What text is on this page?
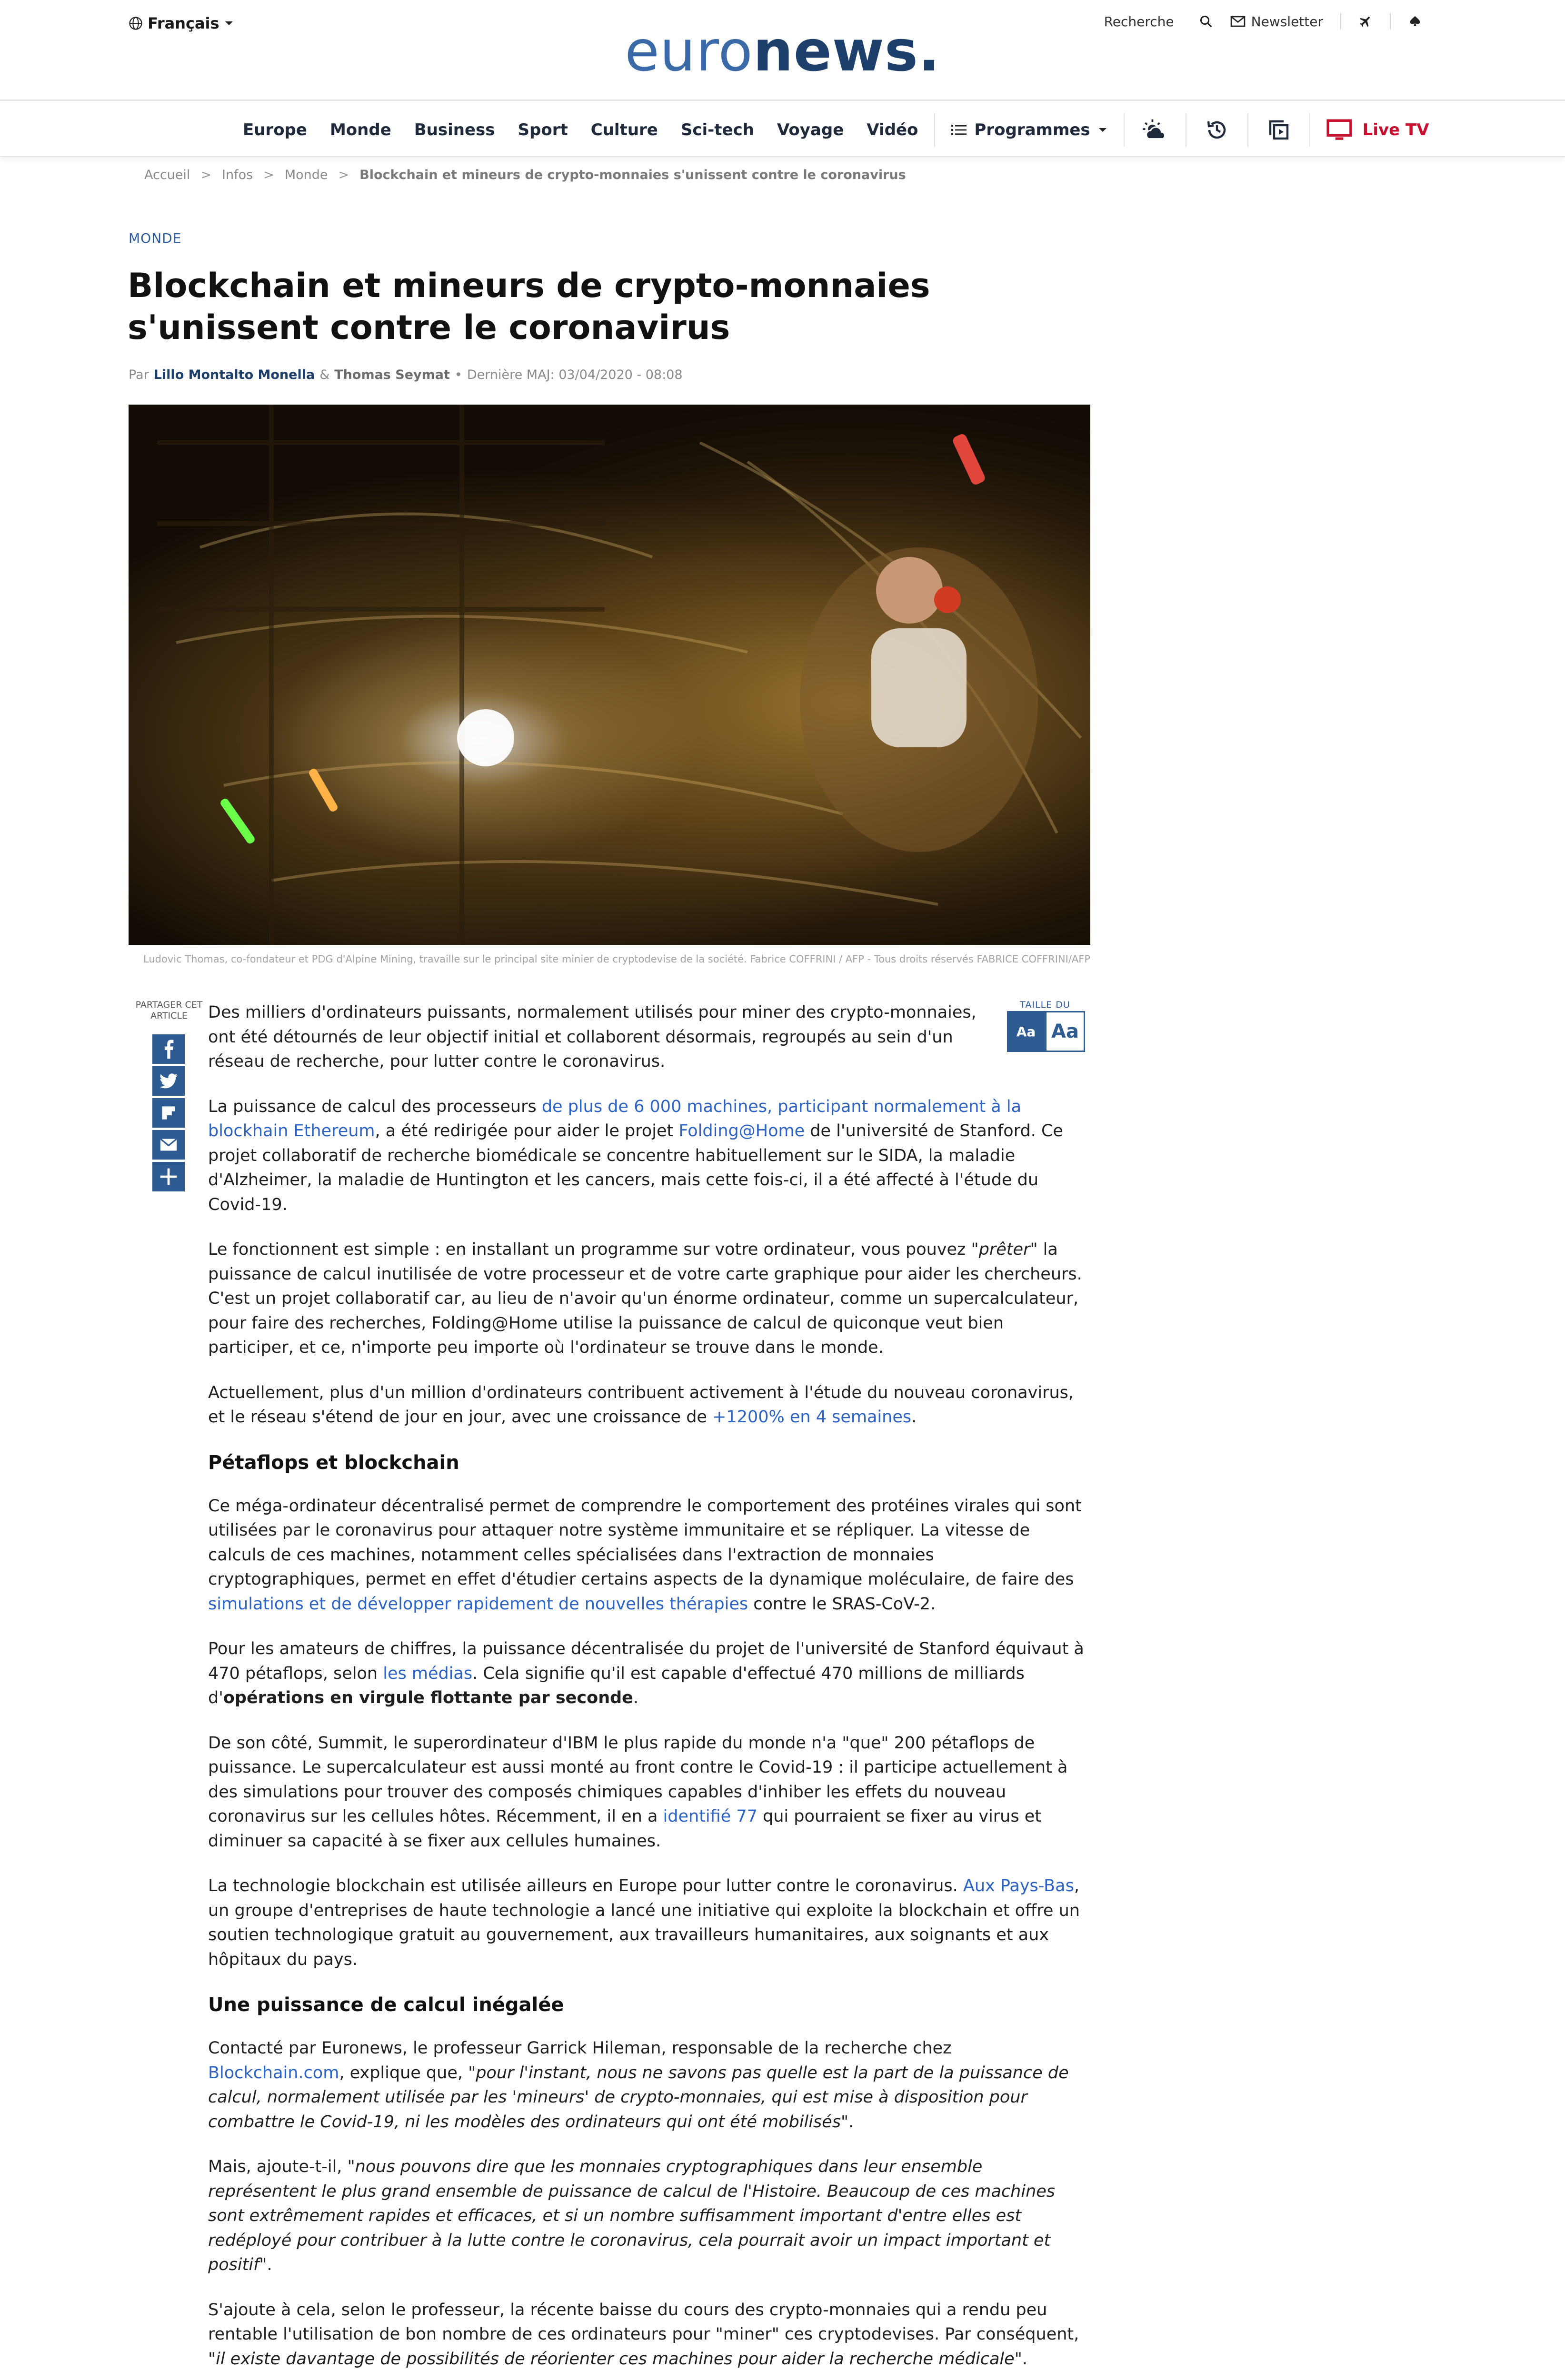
Français	euronews.	Recherche	Newsletter
Europe Monde Business Sport Culture Sci-tech Voyage Vidéo	Programmes	Live TV
Accueil > Infos > Monde > Blockchain et mineurs de crypto-monnaies s'unissent contre le coronavirus
MONDE
Blockchain et mineurs de crypto-monnaies s'unissent contre le coronavirus
Par Lillo Montalto Monella & Thomas Seymat • Dernière MAJ: 03/04/2020 - 08:08
Ludovic Thomas, co-fondateur et PDG d'Alpine Mining, travaille sur le principal site minier de cryptodevise de la société. Fabrice COFFRINI / AFP - Tous droits réservés FABRICE COFFRINI/AFP
PARTAGER CET ARTICLE
TAILLE DU
Aa Aa

Des milliers d'ordinateurs puissants, normalement utilisés pour miner des crypto-monnaies, ont été détournés de leur objectif initial et collaborent désormais, regroupés au sein d'un réseau de recherche, pour lutter contre le coronavirus.

La puissance de calcul des processeurs de plus de 6 000 machines, participant normalement à la blockhain Ethereum, a été redirigée pour aider le projet Folding@Home de l'université de Stanford. Ce projet collaboratif de recherche biomédicale se concentre habituellement sur le SIDA, la maladie d'Alzheimer, la maladie de Huntington et les cancers, mais cette fois-ci, il a été affecté à l'étude du Covid-19.

Le fonctionnent est simple : en installant un programme sur votre ordinateur, vous pouvez "prêter" la puissance de calcul inutilisée de votre processeur et de votre carte graphique pour aider les chercheurs. C'est un projet collaboratif car, au lieu de n'avoir qu'un énorme ordinateur, comme un supercalculateur, pour faire des recherches, Folding@Home utilise la puissance de calcul de quiconque veut bien participer, et ce, n'importe peu importe où l'ordinateur se trouve dans le monde.

Actuellement, plus d'un million d'ordinateurs contribuent activement à l'étude du nouveau coronavirus, et le réseau s'étend de jour en jour, avec une croissance de +1200% en 4 semaines.

Pétaflops et blockchain

Ce méga-ordinateur décentralisé permet de comprendre le comportement des protéines virales qui sont utilisées par le coronavirus pour attaquer notre système immunitaire et se répliquer. La vitesse de calculs de ces machines, notamment celles spécialisées dans l'extraction de monnaies cryptographiques, permet en effet d'étudier certains aspects de la dynamique moléculaire, de faire des simulations et de développer rapidement de nouvelles thérapies contre le SRAS-CoV-2.

Pour les amateurs de chiffres, la puissance décentralisée du projet de l'université de Stanford équivaut à 470 pétaflops, selon les médias. Cela signifie qu'il est capable d'effectué 470 millions de milliards d'opérations en virgule flottante par seconde.

De son côté, Summit, le superordinateur d'IBM le plus rapide du monde n'a "que" 200 pétaflops de puissance. Le supercalculateur est aussi monté au front contre le Covid-19 : il participe actuellement à des simulations pour trouver des composés chimiques capables d'inhiber les effets du nouveau coronavirus sur les cellules hôtes. Récemment, il en a identifié 77 qui pourraient se fixer au virus et diminuer sa capacité à se fixer aux cellules humaines.

La technologie blockchain est utilisée ailleurs en Europe pour lutter contre le coronavirus. Aux Pays-Bas, un groupe d'entreprises de haute technologie a lancé une initiative qui exploite la blockchain et offre un soutien technologique gratuit au gouvernement, aux travailleurs humanitaires, aux soignants et aux hôpitaux du pays.

Une puissance de calcul inégalée

Contacté par Euronews, le professeur Garrick Hileman, responsable de la recherche chez Blockchain.com, explique que, "pour l'instant, nous ne savons pas quelle est la part de la puissance de calcul, normalement utilisée par les 'mineurs' de crypto-monnaies, qui est mise à disposition pour combattre le Covid-19, ni les modèles des ordinateurs qui ont été mobilisés".

Mais, ajoute-t-il, "nous pouvons dire que les monnaies cryptographiques dans leur ensemble représentent le plus grand ensemble de puissance de calcul de l'Histoire. Beaucoup de ces machines sont extrêmement rapides et efficaces, et si un nombre suffisamment important d'entre elles est redéployé pour contribuer à la lutte contre le coronavirus, cela pourrait avoir un impact important et positif".

S'ajoute à cela, selon le professeur, la récente baisse du cours des crypto-monnaies qui a rendu peu rentable l'utilisation de bon nombre de ces ordinateurs pour "miner" ces cryptodevises. Par conséquent, "il existe davantage de possibilités de réorienter ces machines pour aider la recherche médicale".
